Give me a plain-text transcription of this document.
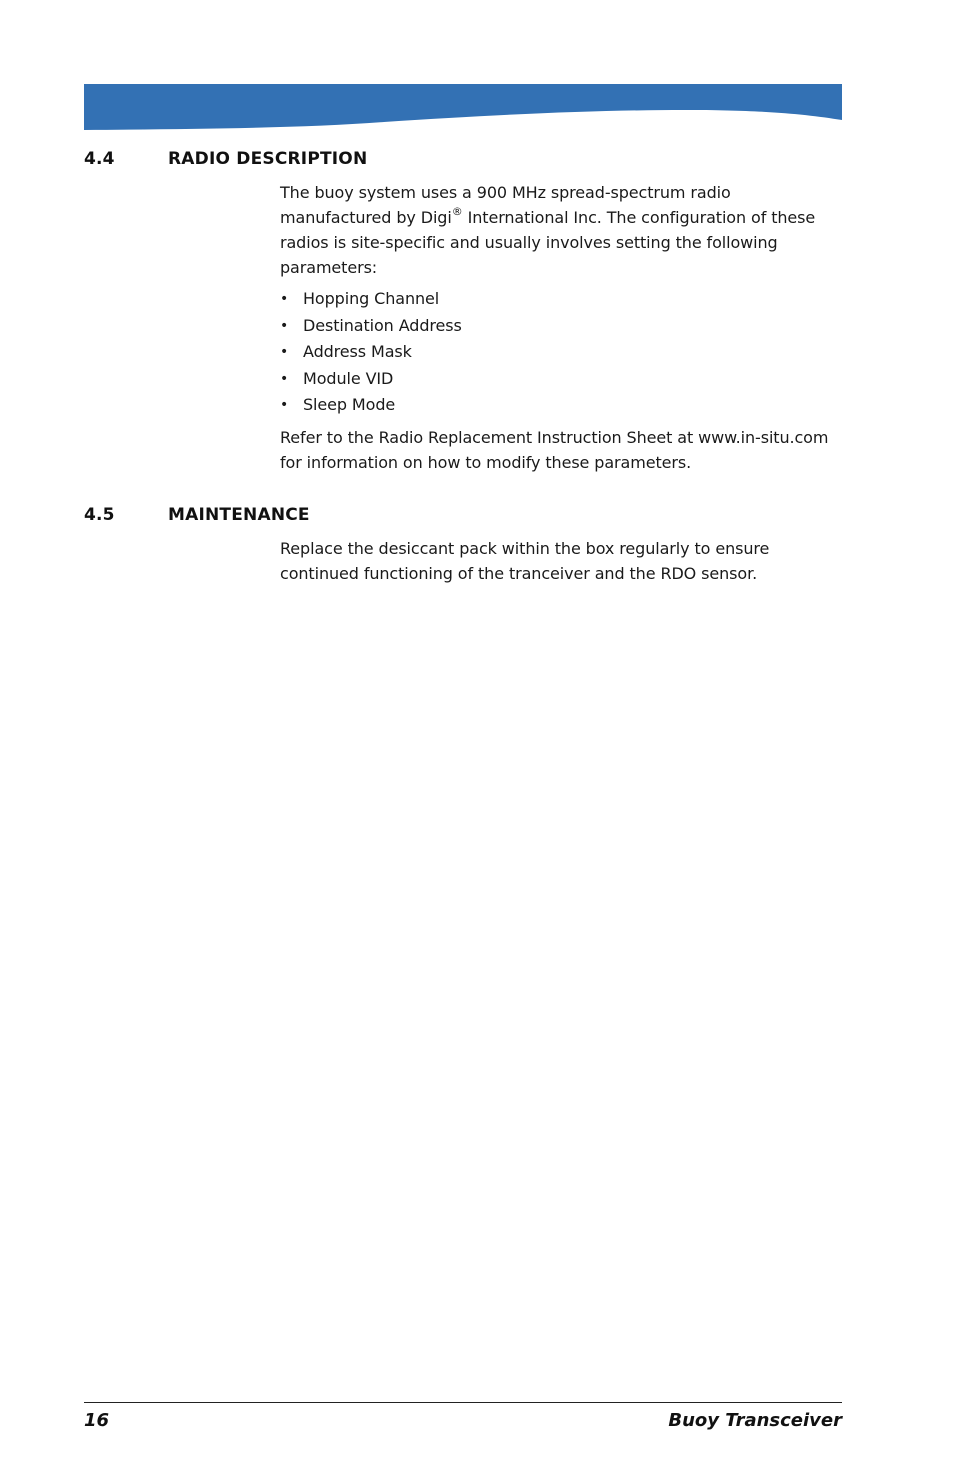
4.4	RADIO DESCRIPTION

The buoy system uses a 900 MHz spread-spectrum radio manufactured by Digi® International Inc. The configuration of these radios is site-specific and usually involves setting the following parameters:

• Hopping Channel
• Destination Address
• Address Mask
• Module VID
• Sleep Mode

Refer to the Radio Replacement Instruction Sheet at www.in-situ.com for information on how to modify these parameters.

4.5	MAINTENANCE

Replace the desiccant pack within the box regularly to ensure continued functioning of the tranceiver and the RDO sensor.

16	Buoy Transceiver
